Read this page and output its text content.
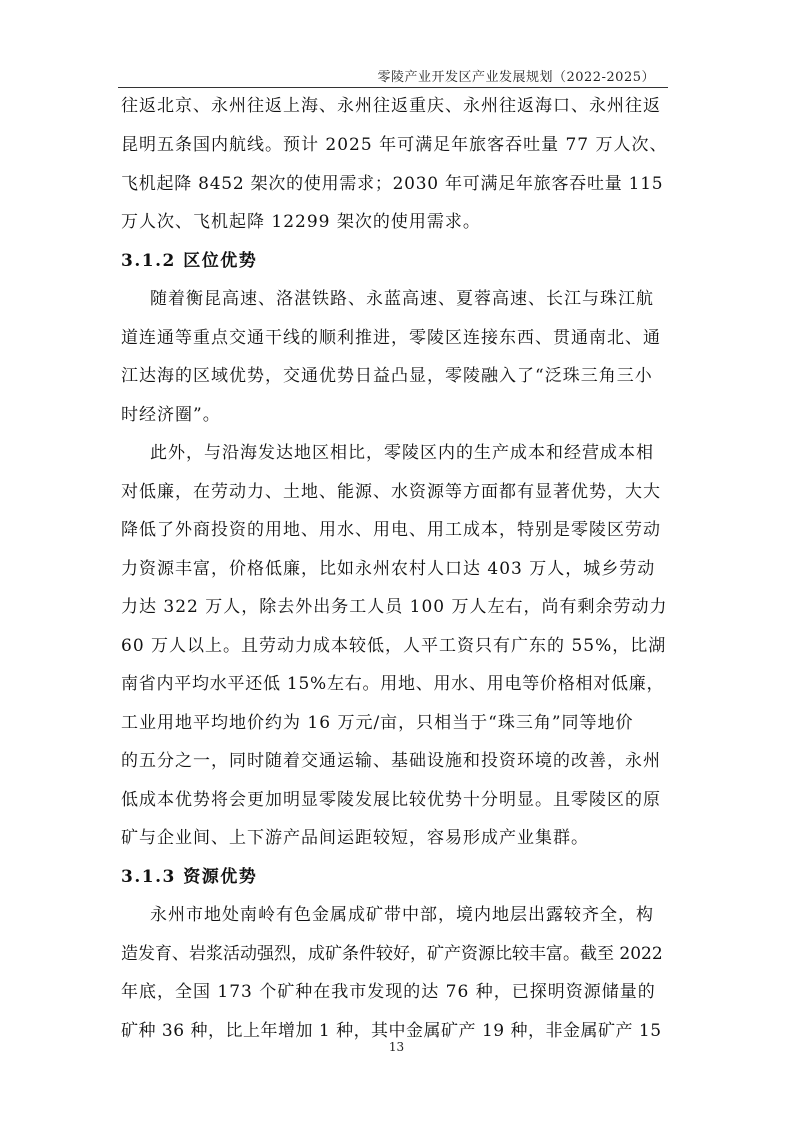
零陵产业开发区产业发展规划（2022-2025）
往返北京、永州往返上海、永州往返重庆、永州往返海口、永州往返
昆明五条国内航线。预计 2025 年可满足年旅客吞吐量 77 万人次、
飞机起降 8452 架次的使用需求；2030 年可满足年旅客吞吐量 115
万人次、飞机起降 12299 架次的使用需求。
3.1.2 区位优势
随着衡昆高速、洛湛铁路、永蓝高速、夏蓉高速、长江与珠江航
道连通等重点交通干线的顺利推进，零陵区连接东西、贯通南北、通
江达海的区域优势，交通优势日益凸显，零陵融入了“泛珠三角三小
时经济圈”。
此外，与沿海发达地区相比，零陵区内的生产成本和经营成本相
对低廉，在劳动力、土地、能源、水资源等方面都有显著优势，大大
降低了外商投资的用地、用水、用电、用工成本，特别是零陵区劳动
力资源丰富，价格低廉，比如永州农村人口达 403 万人，城乡劳动
力达 322 万人，除去外出务工人员 100 万人左右，尚有剩余劳动力
60 万人以上。且劳动力成本较低，人平工资只有广东的 55%，比湖
南省内平均水平还低 15%左右。用地、用水、用电等价格相对低廉，
工业用地平均地价约为 16 万元/亩，只相当于“珠三角”同等地价
的五分之一，同时随着交通运输、基础设施和投资环境的改善，永州
低成本优势将会更加明显零陵发展比较优势十分明显。且零陵区的原
矿与企业间、上下游产品间运距较短，容易形成产业集群。
3.1.3 资源优势
永州市地处南岭有色金属成矿带中部，境内地层出露较齐全，构
造发育、岩浆活动强烈，成矿条件较好，矿产资源比较丰富。截至 2022
年底，全国 173 个矿种在我市发现的达 76 种，已探明资源储量的
矿种 36 种，比上年增加 1 种，其中金属矿产 19 种，非金属矿产 15
13
